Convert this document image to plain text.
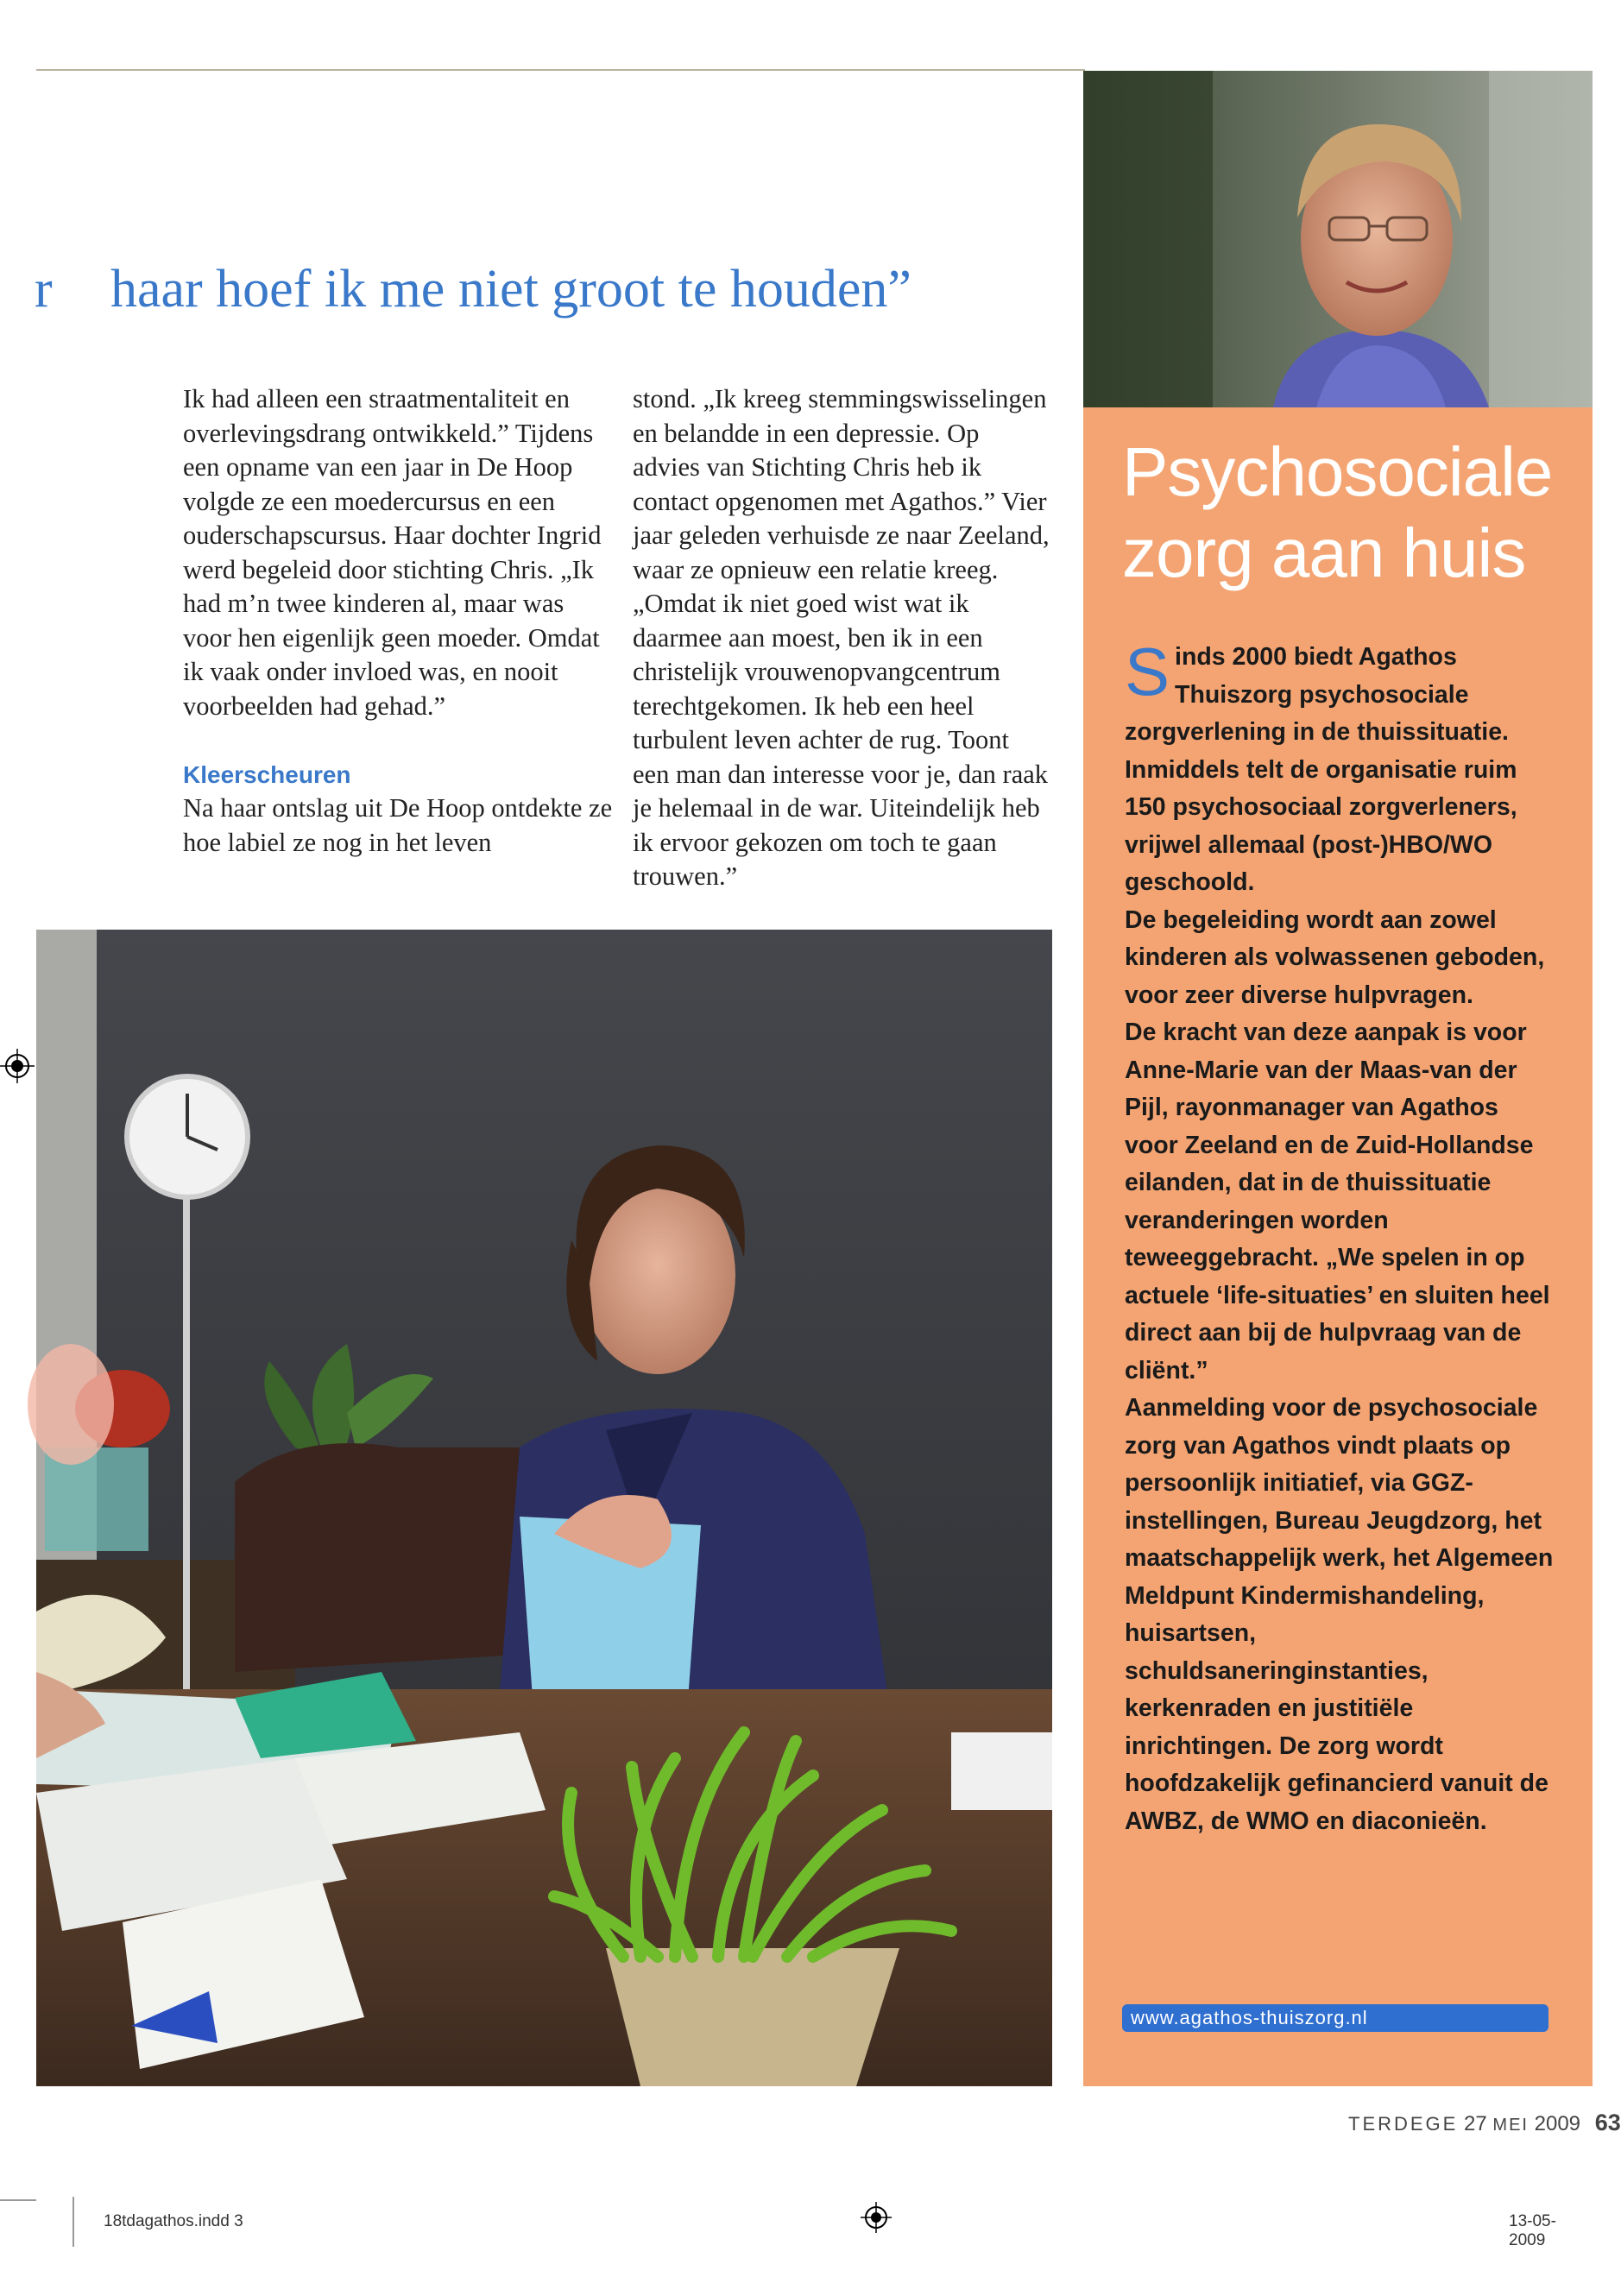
r haar hoef ik me niet groot te houden”

Ik had alleen een straatmentaliteit en overlevingsdrang ontwikkeld.” Tijdens een opname van een jaar in De Hoop volgde ze een moedercursus en een ouderschapscursus. Haar dochter Ingrid werd begeleid door stichting Chris. „Ik had m’n twee kinderen al, maar was voor hen eigenlijk geen moeder. Omdat ik vaak onder invloed was, en nooit voorbeelden had gehad.”

Kleerscheuren

Na haar ontslag uit De Hoop ontdekte ze hoe labiel ze nog in het leven

stond. „Ik kreeg stemmingswisselingen en belandde in een depressie. Op advies van Stichting Chris heb ik contact opgenomen met Agathos.” Vier jaar geleden verhuisde ze naar Zeeland, waar ze opnieuw een relatie kreeg. „Omdat ik niet goed wist wat ik daarmee aan moest, ben ik in een christelijk vrouwenopvangcentrum terechtgekomen. Ik heb een heel turbulent leven achter de rug. Toont een man dan interesse voor je, dan raak je helemaal in de war. Uiteindelijk heb ik ervoor gekozen om toch te gaan trouwen.”

Psychosociale zorg aan huis

Sinds 2000 biedt Agathos Thuiszorg psychosociale zorgverlening in de thuissituatie. Inmiddels telt de organisatie ruim 150 psychosociaal zorgverleners, vrijwel allemaal (post-)HBO/WO geschoold.

De begeleiding wordt aan zowel kinderen als volwassenen geboden, voor zeer diverse hulpvragen.

De kracht van deze aanpak is voor Anne-Marie van der Maas-van der Pijl, rayonmanager van Agathos voor Zeeland en de Zuid-Hollandse eilanden, dat in de thuissituatie veranderingen worden teweeggebracht. „We spelen in op actuele ‘life-situaties’ en sluiten heel direct aan bij de hulpvraag van de cliënt.”

Aanmelding voor de psychosociale zorg van Agathos vindt plaats op persoonlijk initiatief, via GGZ-instellingen, Bureau Jeugdzorg, het maatschappelijk werk, het Algemeen Meldpunt Kindermishandeling, huisartsen, schuldsaneringinstanties, kerkenraden en justitiële inrichtingen. De zorg wordt hoofdzakelijk gefinancierd vanuit de AWBZ, de WMO en diaconieën.

www.agathos-thuiszorg.nl
TERDEGE 27 MEI 2009 63
18tdagathos.indd 3	13-05-2009
